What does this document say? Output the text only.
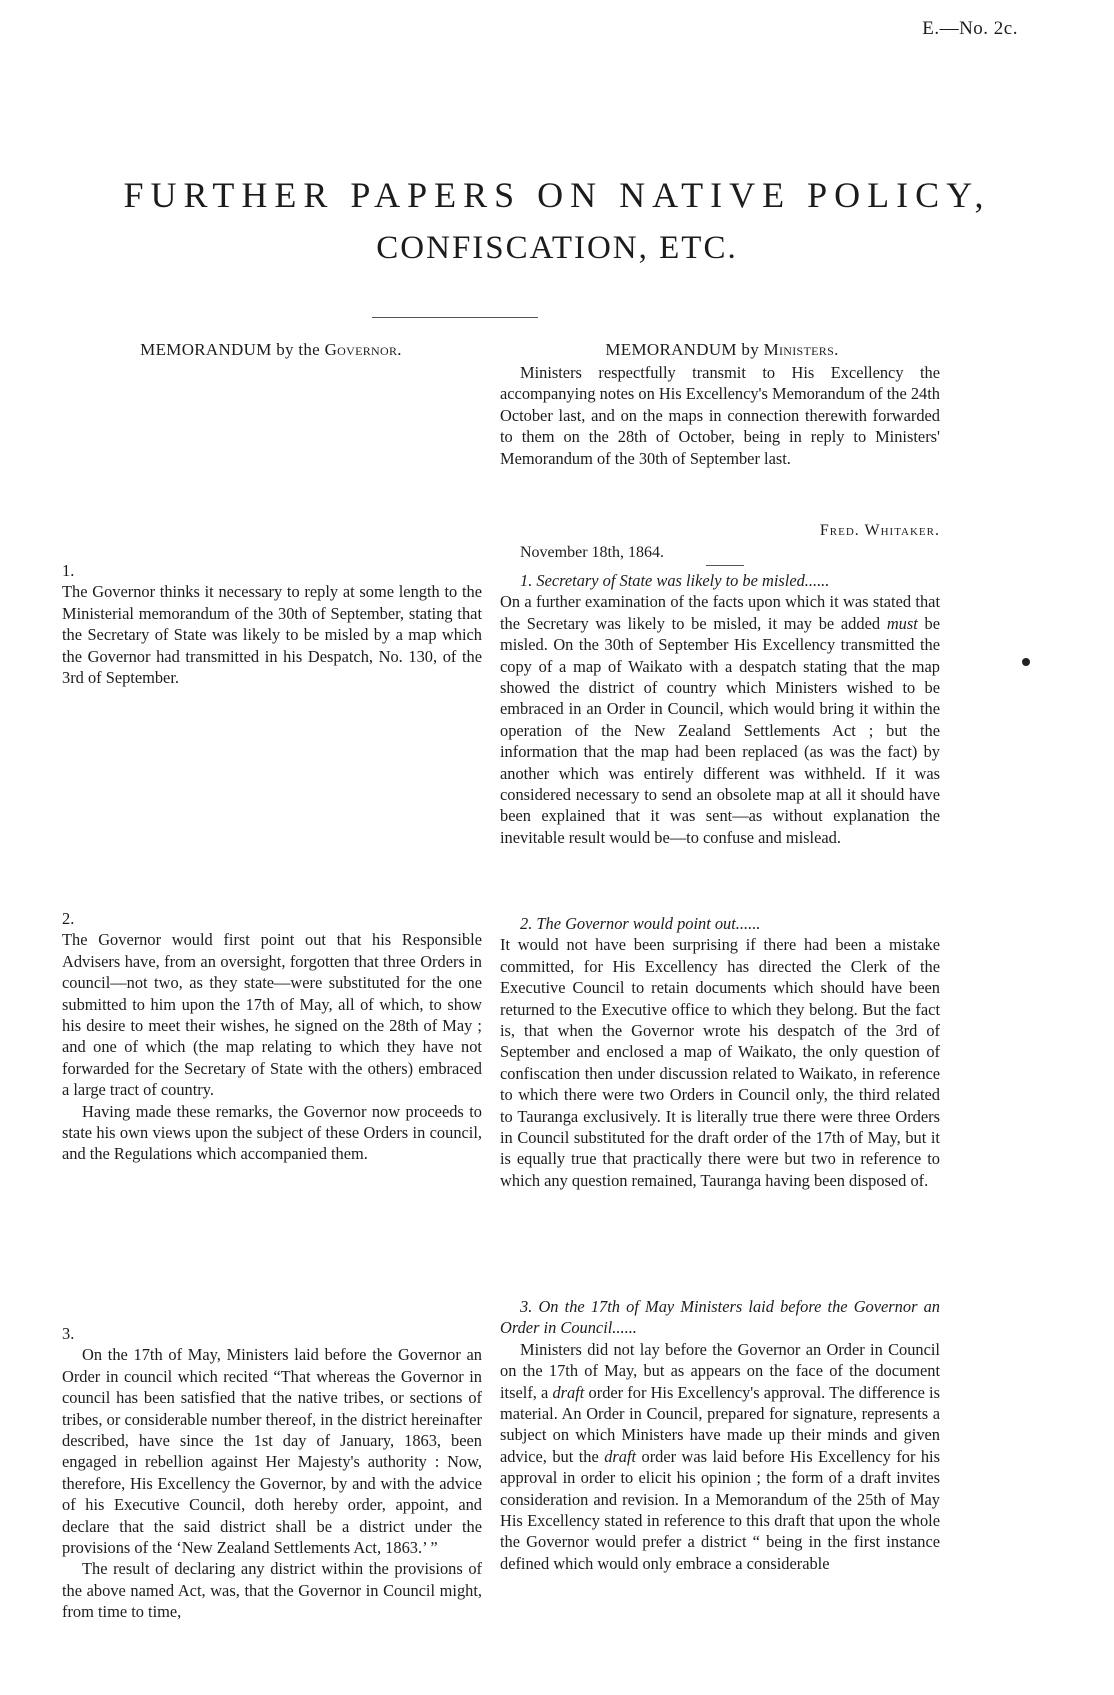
E.—No. 2c.
FURTHER PAPERS ON NATIVE POLICY,
CONFISCATION, ETC.
MEMORANDUM by the Governor.	MEMORANDUM by Ministers.

Ministers respectfully transmit to His Excellency the accompanying notes on His Excellency's Memorandum of the 24th October last, and on the maps in connection therewith forwarded to them on the 28th of October, being in reply to Ministers' Memorandum of the 30th of September last.

Fred. Whitaker.
November 18th, 1864.
1.

The Governor thinks it necessary to reply at some length to the Ministerial memorandum of the 30th of September, stating that the Secretary of State was likely to be misled by a map which the Governor had transmitted in his Despatch, No. 130, of the 3rd of September.

2.

The Governor would first point out that his Responsible Advisers have, from an oversight, forgotten that three Orders in council—not two, as they state—were substituted for the one submitted to him upon the 17th of May, all of which, to show his desire to meet their wishes, he signed on the 28th of May ; and one of which (the map relating to which they have not forwarded for the Secretary of State with the others) embraced a large tract of country.

Having made these remarks, the Governor now proceeds to state his own views upon the subject of these Orders in council, and the Regulations which accompanied them.

3.

On the 17th of May, Ministers laid before the Governor an Order in council which recited “That whereas the Governor in council has been satisfied that the native tribes, or sections of tribes, or considerable number thereof, in the district hereinafter described, have since the 1st day of January, 1863, been engaged in rebellion against Her Majesty's authority : Now, therefore, His Excellency the Governor, by and with the advice of his Executive Council, doth hereby order, appoint, and declare that the said district shall be a district under the provisions of the ‘New Zealand Settlements Act, 1863.’ ”

The result of declaring any district within the provisions of the above named Act, was, that the Governor in Council might, from time to time,

1. Secretary of State was likely to be misled......

On a further examination of the facts upon which it was stated that the Secretary was likely to be misled, it may be added must be misled. On the 30th of September His Excellency transmitted the copy of a map of Waikato with a despatch stating that the map showed the district of country which Ministers wished to be embraced in an Order in Council, which would bring it within the operation of the New Zealand Settlements Act ; but the information that the map had been replaced (as was the fact) by another which was entirely different was withheld. If it was considered necessary to send an obsolete map at all it should have been explained that it was sent—as without explanation the inevitable result would be—to confuse and mislead.

2. The Governor would point out......

It would not have been surprising if there had been a mistake committed, for His Excellency has directed the Clerk of the Executive Council to retain documents which should have been returned to the Executive office to which they belong. But the fact is, that when the Governor wrote his despatch of the 3rd of September and enclosed a map of Waikato, the only question of confiscation then under discussion related to Waikato, in reference to which there were two Orders in Council only, the third related to Tauranga exclusively. It is literally true there were three Orders in Council substituted for the draft order of the 17th of May, but it is equally true that practically there were but two in reference to which any question remained, Tauranga having been disposed of.

3. On the 17th of May Ministers laid before the Governor an Order in Council......

Ministers did not lay before the Governor an Order in Council on the 17th of May, but as appears on the face of the document itself, a draft order for His Excellency's approval. The difference is material. An Order in Council, prepared for signature, represents a subject on which Ministers have made up their minds and given advice, but the draft order was laid before His Excellency for his approval in order to elicit his opinion ; the form of a draft invites consideration and revision. In a Memorandum of the 25th of May His Excellency stated in reference to this draft that upon the whole the Governor would prefer a district “ being in the first instance defined which would only embrace a considerable
